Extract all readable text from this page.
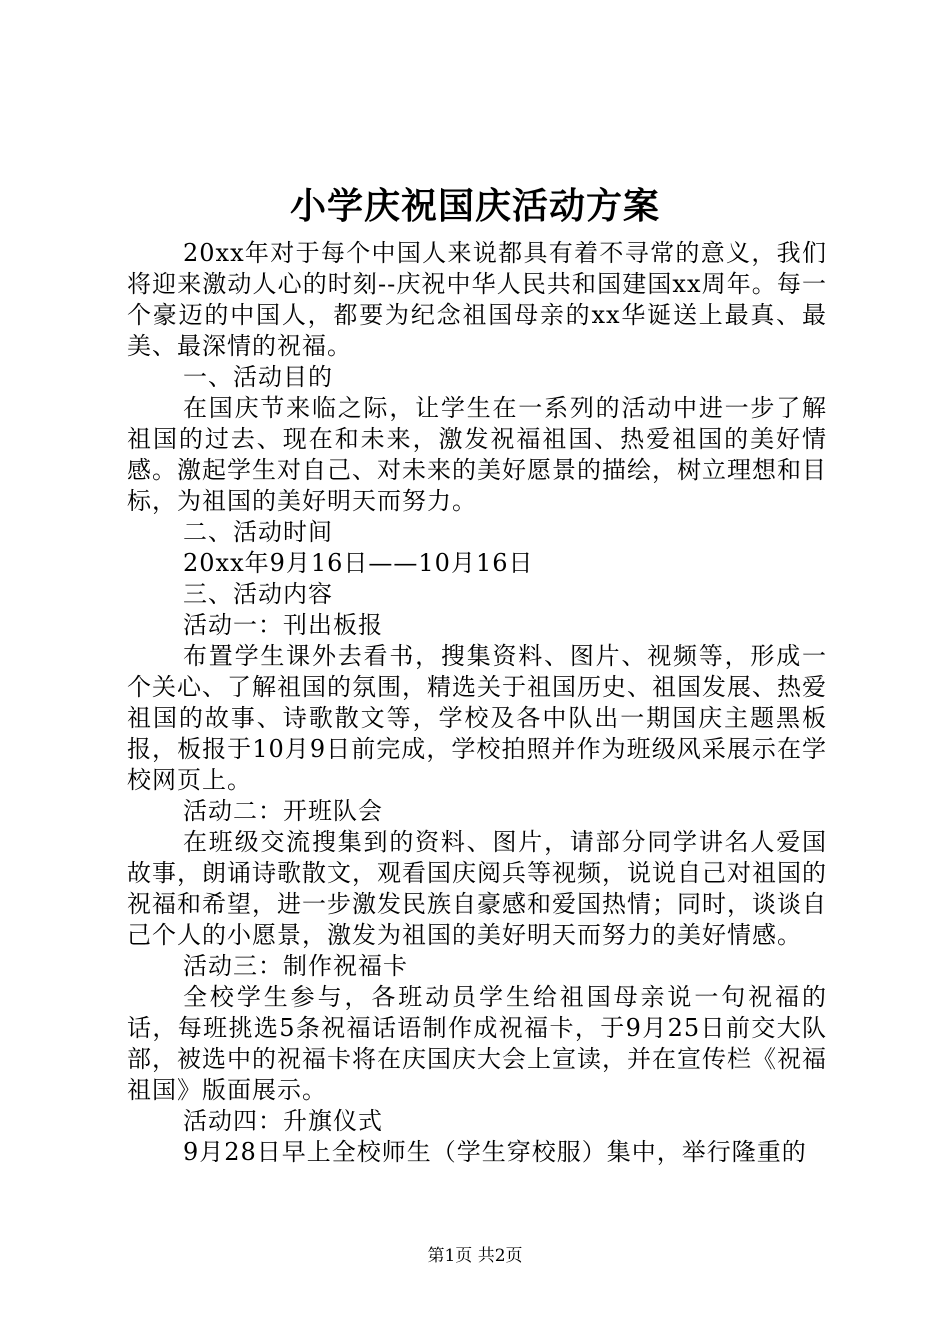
小学庆祝国庆活动方案

20xx年对于每个中国人来说都具有着不寻常的意义，我们将迎来激动人心的时刻--庆祝中华人民共和国建国xx周年。每一个豪迈的中国人，都要为纪念祖国母亲的xx华诞送上最真、最美、最深情的祝福。

一、活动目的

在国庆节来临之际，让学生在一系列的活动中进一步了解祖国的过去、现在和未来，激发祝福祖国、热爱祖国的美好情感。激起学生对自己、对未来的美好愿景的描绘，树立理想和目标，为祖国的美好明天而努力。

二、活动时间

20xx年9月16日——10月16日

三、活动内容

活动一：刊出板报

布置学生课外去看书，搜集资料、图片、视频等，形成一个关心、了解祖国的氛围，精选关于祖国历史、祖国发展、热爱祖国的故事、诗歌散文等，学校及各中队出一期国庆主题黑板报，板报于10月9日前完成，学校拍照并作为班级风采展示在学校网页上。

活动二：开班队会

在班级交流搜集到的资料、图片，请部分同学讲名人爱国故事，朗诵诗歌散文，观看国庆阅兵等视频，说说自己对祖国的祝福和希望，进一步激发民族自豪感和爱国热情；同时，谈谈自己个人的小愿景，激发为祖国的美好明天而努力的美好情感。

活动三：制作祝福卡

全校学生参与，各班动员学生给祖国母亲说一句祝福的话，每班挑选5条祝福话语制作成祝福卡，于9月25日前交大队部，被选中的祝福卡将在庆国庆大会上宣读，并在宣传栏《祝福祖国》版面展示。

活动四：升旗仪式

9月28日早上全校师生（学生穿校服）集中，举行隆重的

第1页 共2页
